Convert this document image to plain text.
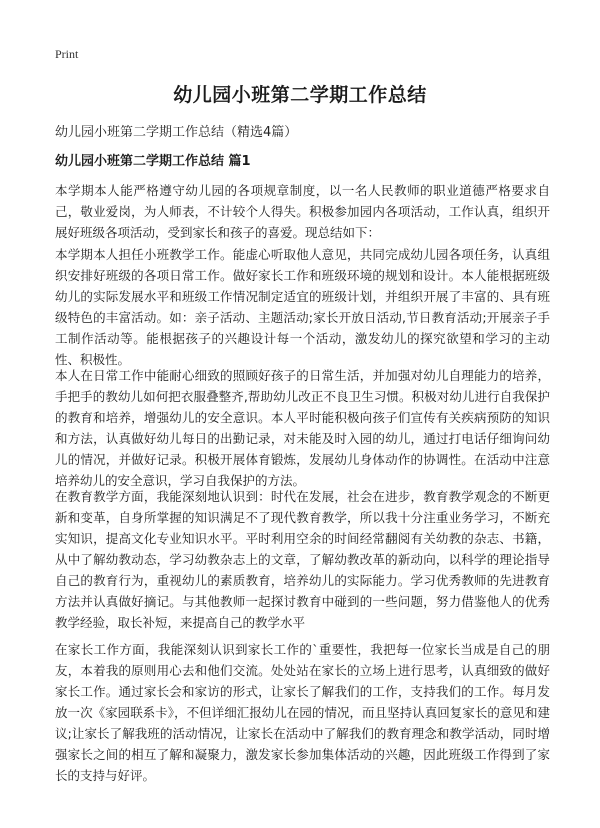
Print
幼儿园小班第二学期工作总结

幼儿园小班第二学期工作总结（精选4篇）

幼儿园小班第二学期工作总结 篇1

本学期本人能严格遵守幼儿园的各项规章制度，以一名人民教师的职业道德严格要求自己，敬业爱岗，为人师表，不计较个人得失。积极参加园内各项活动，工作认真，组织开展好班级各项活动，受到家长和孩子的喜爱。现总结如下：

本学期本人担任小班教学工作。能虚心听取他人意见，共同完成幼儿园各项任务，认真组织安排好班级的各项日常工作。做好家长工作和班级环境的规划和设计。本人能根据班级幼儿的实际发展水平和班级工作情况制定适宜的班级计划，并组织开展了丰富的、具有班级特色的丰富活动。如：亲子活动、主题活动;家长开放日活动,节日教育活动;开展亲子手工制作活动等。能根据孩子的兴趣设计每一个活动，激发幼儿的探究欲望和学习的主动性、积极性。

本人在日常工作中能耐心细致的照顾好孩子的日常生活，并加强对幼儿自理能力的培养，手把手的教幼儿如何把衣服叠整齐,帮助幼儿改正不良卫生习惯。积极对幼儿进行自我保护的教育和培养，增强幼儿的安全意识。本人平时能积极向孩子们宣传有关疾病预防的知识和方法，认真做好幼儿每日的出勤记录，对未能及时入园的幼儿，通过打电话仔细询问幼儿的情况，并做好记录。积极开展体育锻炼，发展幼儿身体动作的协调性。在活动中注意培养幼儿的安全意识，学习自我保护的方法。

在教育教学方面，我能深刻地认识到：时代在发展，社会在进步，教育教学观念的不断更新和变革，自身所掌握的知识满足不了现代教育教学，所以我十分注重业务学习，不断充实知识，提高文化专业知识水平。平时利用空余的时间经常翻阅有关幼教的杂志、书籍，从中了解幼教动态，学习幼教杂志上的文章，了解幼教改革的新动向，以科学的理论指导自己的教育行为，重视幼儿的素质教育，培养幼儿的实际能力。学习优秀教师的先进教育方法并认真做好摘记。与其他教师一起探讨教育中碰到的一些问题，努力借鉴他人的优秀教学经验，取长补短，来提高自己的教学水平

在家长工作方面，我能深刻认识到家长工作的`重要性，我把每一位家长当成是自己的朋友，本着我的原则用心去和他们交流。处处站在家长的立场上进行思考，认真细致的做好家长工作。通过家长会和家访的形式，让家长了解我们的工作，支持我们的工作。每月发放一次《家园联系卡》，不但详细汇报幼儿在园的情况，而且坚持认真回复家长的意见和建议;让家长了解我班的活动情况，让家长在活动中了解我们的教育理念和教学活动，同时增强家长之间的相互了解和凝聚力，激发家长参加集体活动的兴趣，因此班级工作得到了家长的支持与好评。
